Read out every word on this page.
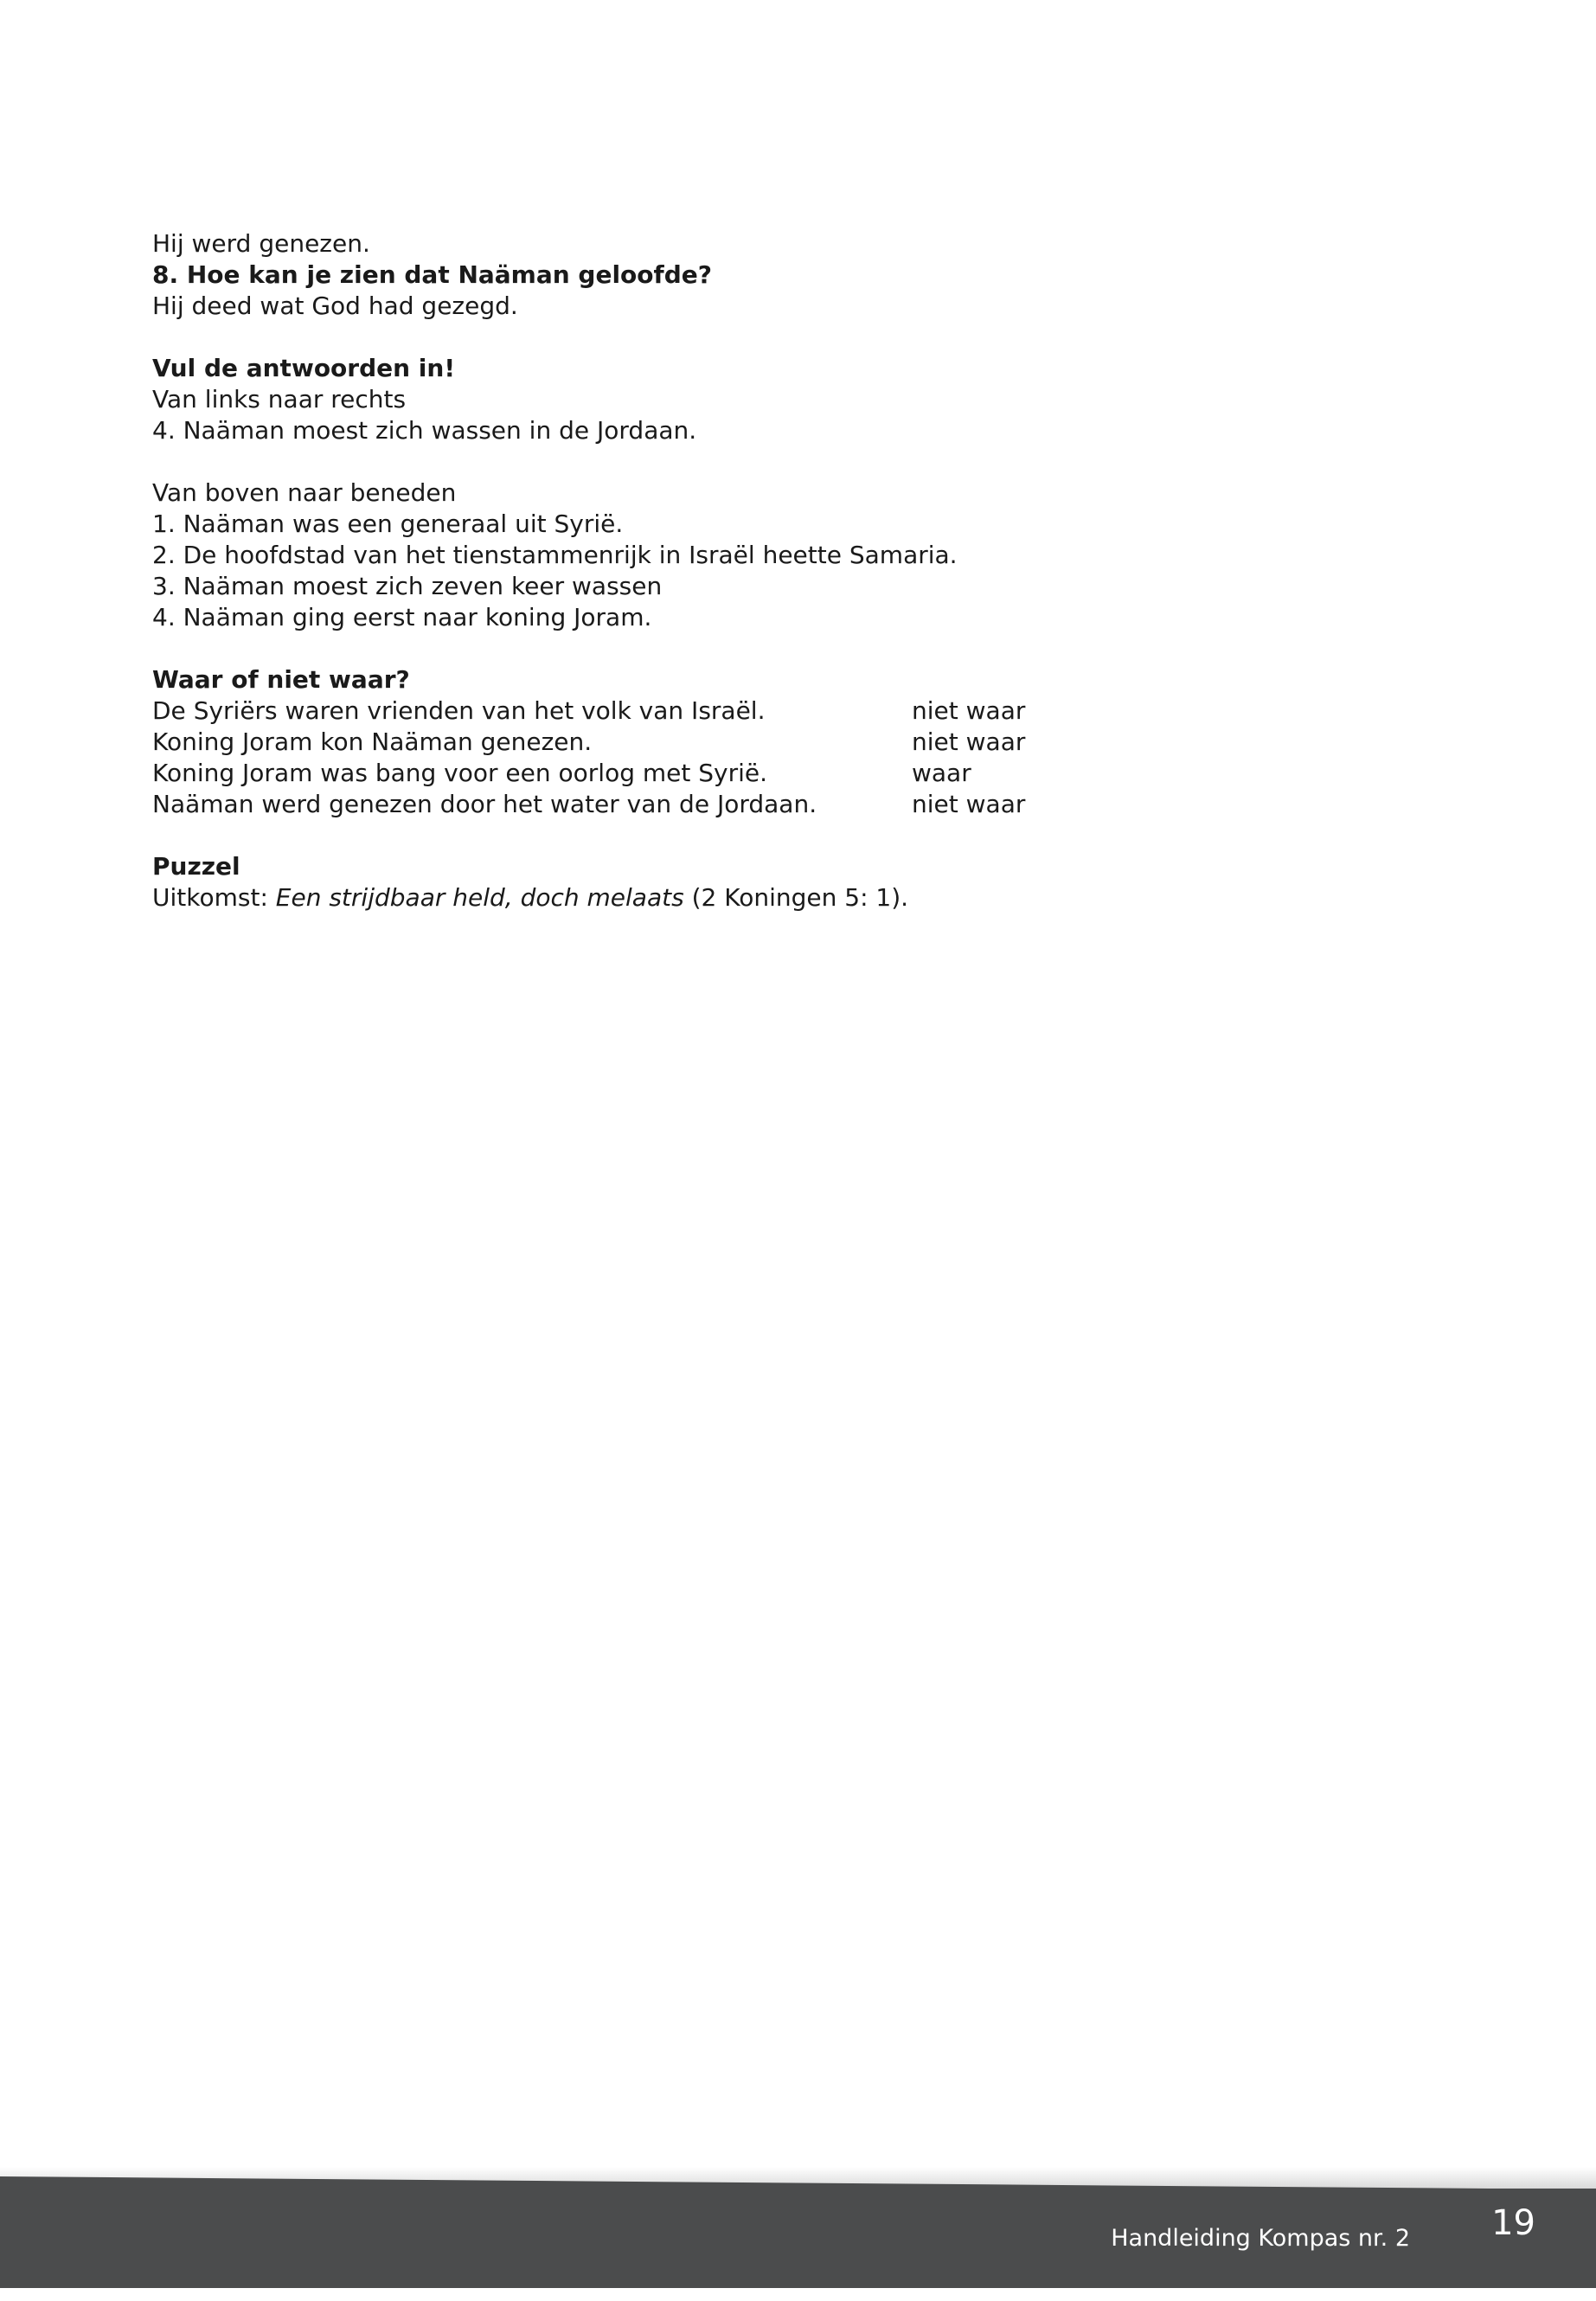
Hij werd genezen.
8. Hoe kan je zien dat Naäman geloofde?
Hij deed wat God had gezegd.
Vul de antwoorden in!
Van links naar rechts
4. Naäman moest zich wassen in de Jordaan.
Van boven naar beneden
1. Naäman was een generaal uit Syrië.
2. De hoofdstad van het tienstammenrijk in Israël heette Samaria.
3. Naäman moest zich zeven keer wassen
4. Naäman ging eerst naar koning Joram.
Waar of niet waar?
De Syriërs waren vrienden van het volk van Israël.	niet waar
Koning Joram kon Naäman genezen.	niet waar
Koning Joram was bang voor een oorlog met Syrië.	waar
Naäman werd genezen door het water van de Jordaan.	niet waar
Puzzel
Uitkomst: Een strijdbaar held, doch melaats (2 Koningen 5: 1).
Handleiding Kompas nr. 2 19
